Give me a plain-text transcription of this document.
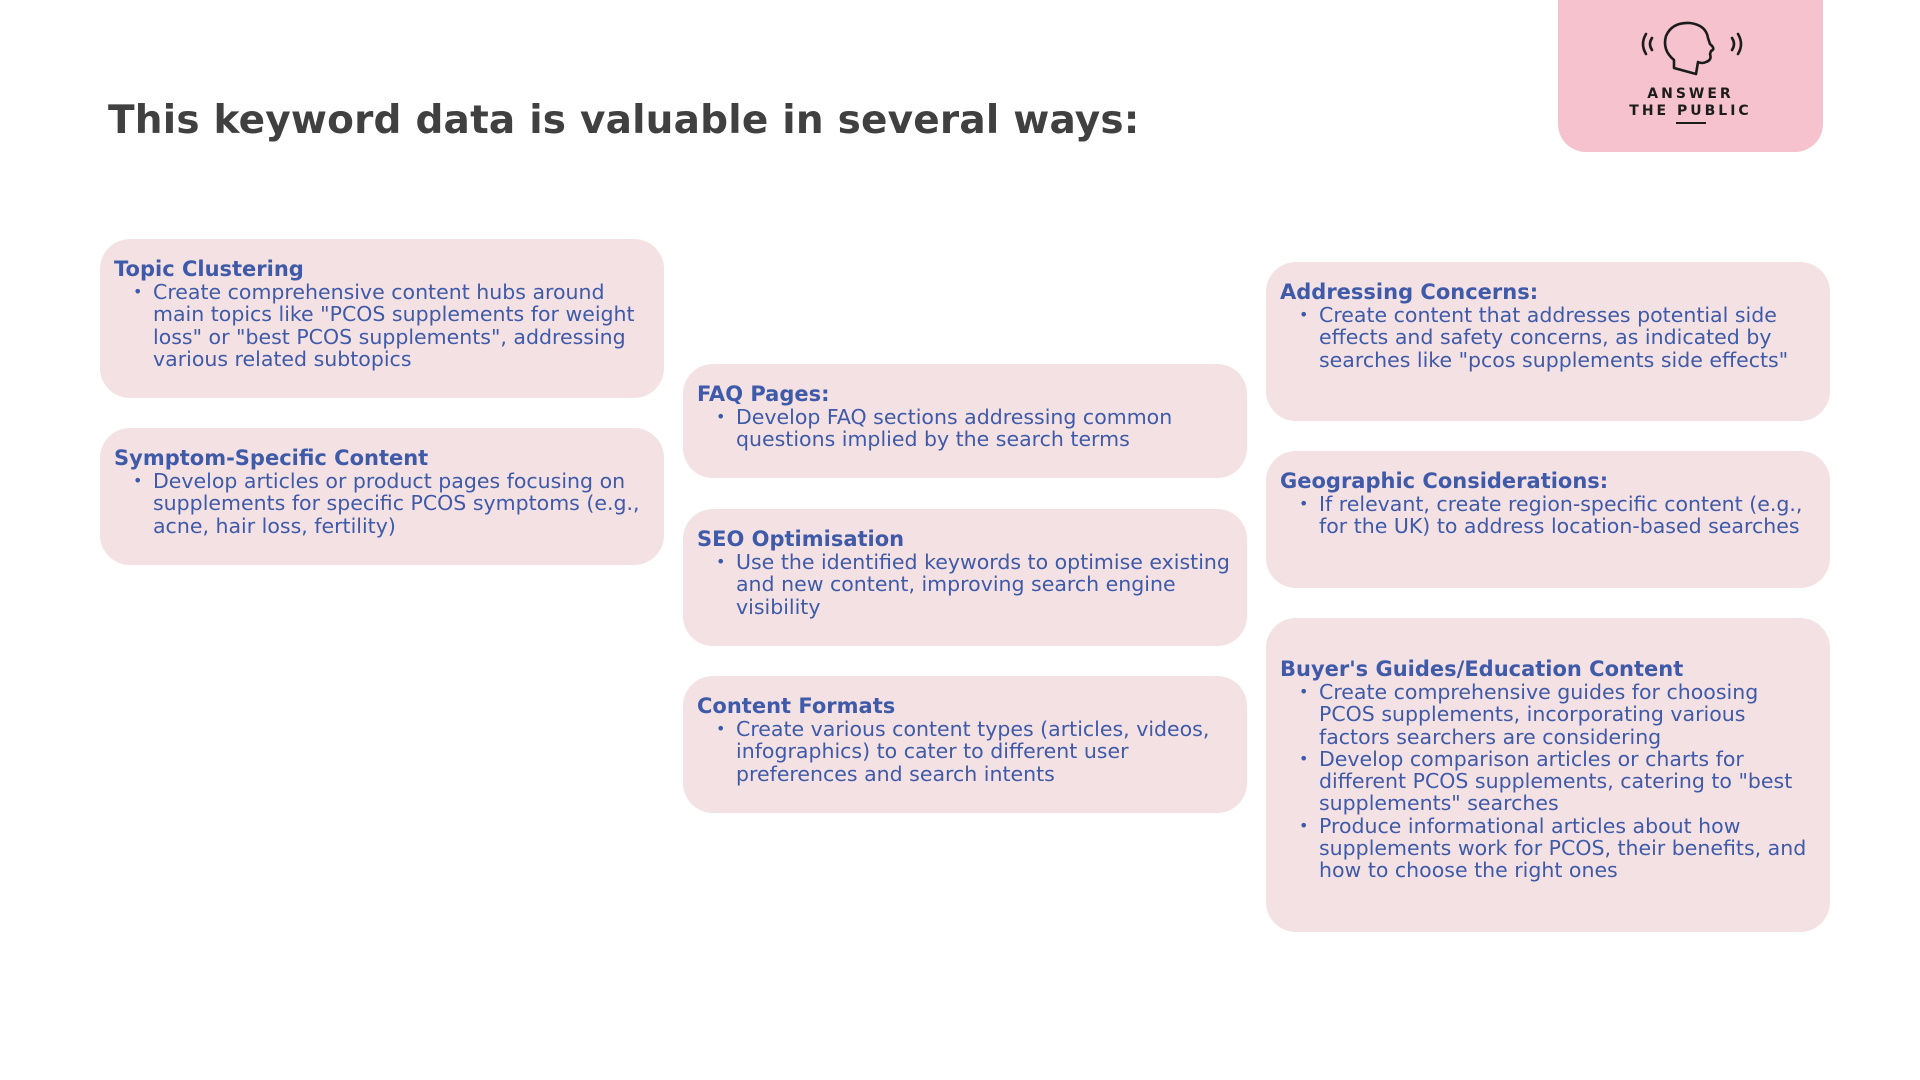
This keyword data is valuable in several ways:
ANSWER
THE PUBLIC
Topic Clustering
• Create comprehensive content hubs around main topics like "PCOS supplements for weight loss" or "best PCOS supplements", addressing various related subtopics
Symptom-Specific Content
• Develop articles or product pages focusing on supplements for specific PCOS symptoms (e.g., acne, hair loss, fertility)
FAQ Pages:
• Develop FAQ sections addressing common questions implied by the search terms
SEO Optimisation
• Use the identified keywords to optimise existing and new content, improving search engine visibility
Content Formats
• Create various content types (articles, videos, infographics) to cater to different user preferences and search intents
Addressing Concerns:
• Create content that addresses potential side effects and safety concerns, as indicated by searches like "pcos supplements side effects"
Geographic Considerations:
• If relevant, create region-specific content (e.g., for the UK) to address location-based searches
Buyer's Guides/Education Content
• Create comprehensive guides for choosing PCOS supplements, incorporating various factors searchers are considering
• Develop comparison articles or charts for different PCOS supplements, catering to "best supplements" searches
• Produce informational articles about how supplements work for PCOS, their benefits, and how to choose the right ones
